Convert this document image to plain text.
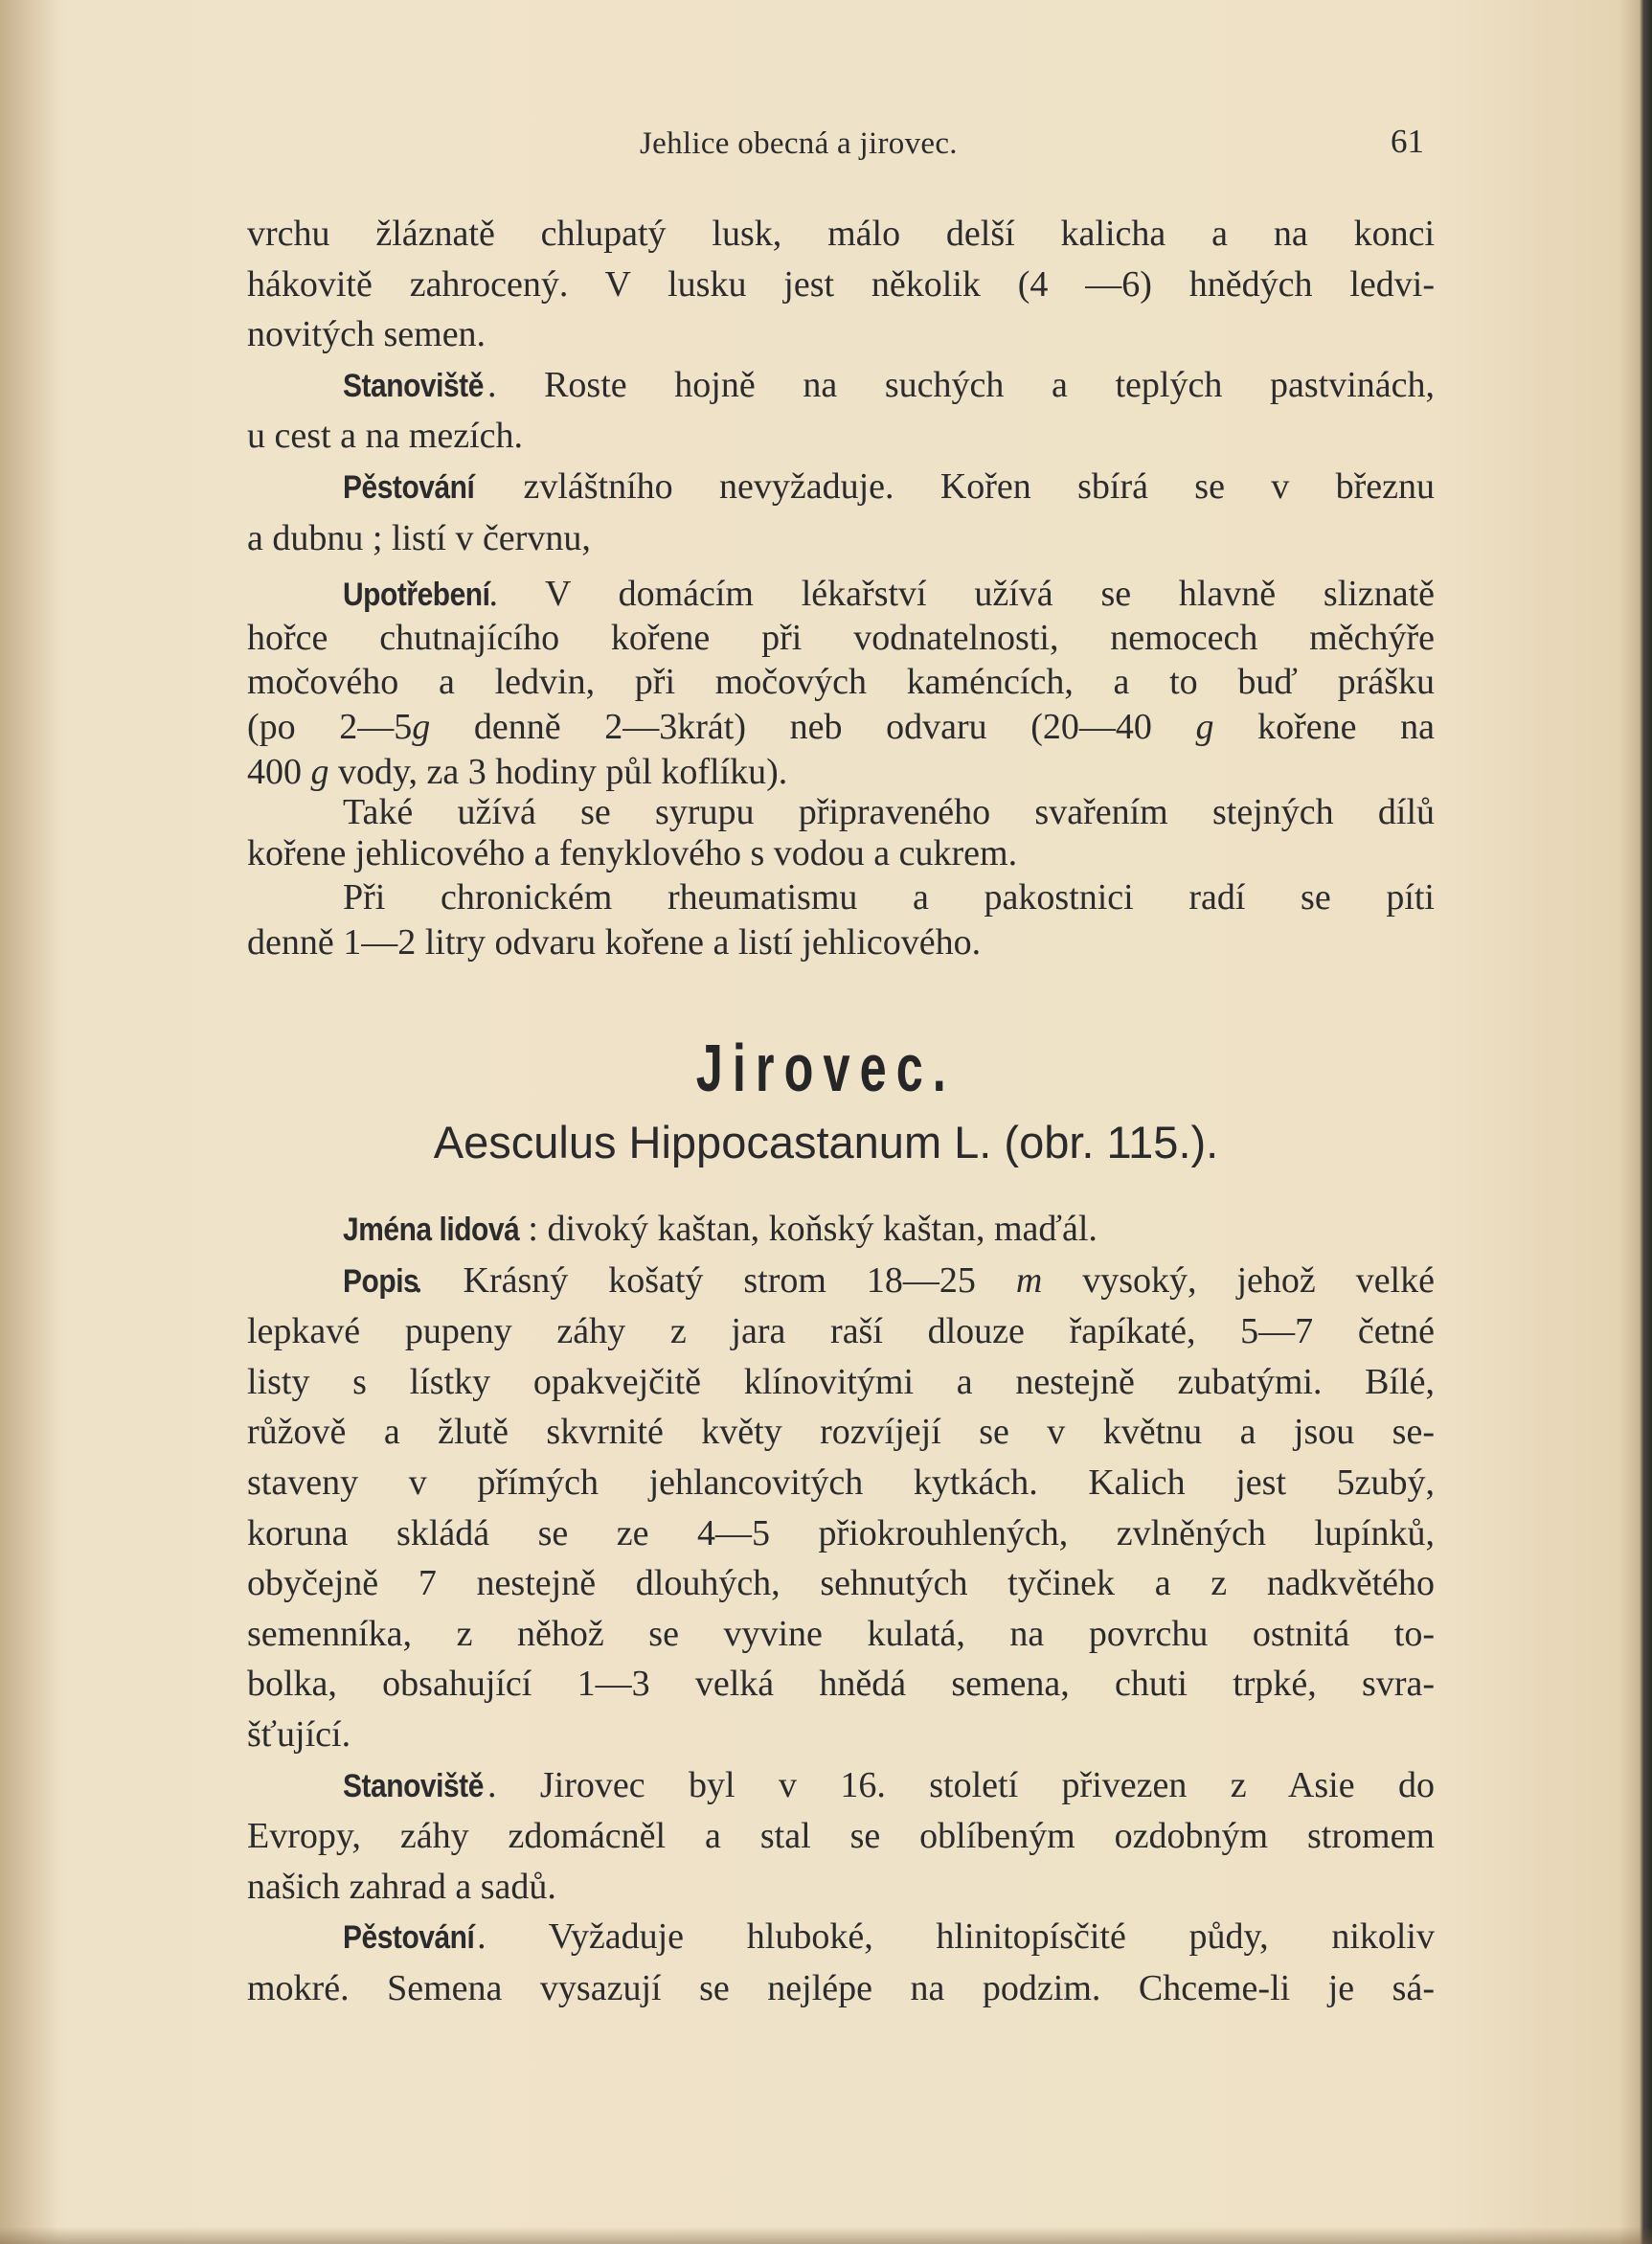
Jehlice obecná a jirovec.	61
vrchu žláznatě chlupatý lusk, málo delší kalicha a na konci
hákovitě zahrocený. V lusku jest několik (4 —6) hnědých ledvi-
novitých semen.
Stanoviště . Roste hojně na suchých a teplých pastvinách,
u cest a na mezích.
Pěstování zvláštního nevyžaduje. Kořen sbírá se v březnu
a dubnu ; listí v červnu,
Upotřebení. V domácím lékařství užívá se hlavně sliznatě
hořce chutnajícího kořene při vodnatelnosti, nemocech měchýře
močového a ledvin, při močových kaméncích, a to buď prášku
(po 2—5g denně 2—3krát) neb odvaru (20—40 g kořene na
400 g vody, za 3 hodiny půl koflíku).
Také užívá se syrupu připraveného svařením stejných dílů
kořene jehlicového a fenyklového s vodou a cukrem.
Při chronickém rheumatismu a pakostnici radí se píti
denně 1—2 litry odvaru kořene a listí jehlicového.
Jirovec.
Aesculus Hippocastanum L. (obr. 115.).
Jména lidová : divoký kaštan, koňský kaštan, maďál.
Popis. Krásný košatý strom 18—25 m vysoký, jehož velké
lepkavé pupeny záhy z jara raší dlouze řapíkaté, 5—7 četné
listy s lístky opakvejčitě klínovitými a nestejně zubatými. Bílé,
růžově a žlutě skvrnité květy rozvíjejí se v květnu a jsou se-
staveny v přímých jehlancovitých kytkách. Kalich jest 5zubý,
koruna skládá se ze 4—5 přiokrouhlených, zvlněných lupínků,
obyčejně 7 nestejně dlouhých, sehnutých tyčinek a z nadkvětého
semenníka, z něhož se vyvine kulatá, na povrchu ostnitá to-
bolka, obsahující 1—3 velká hnědá semena, chuti trpké, svra-
šťující.
Stanoviště . Jirovec byl v 16. století přivezen z Asie do
Evropy, záhy zdomácněl a stal se oblíbeným ozdobným stromem
našich zahrad a sadů.
Pěstování. Vyžaduje hluboké, hlinitopísčité půdy, nikoliv
mokré. Semena vysazují se nejlépe na podzim. Chceme-li je sá-
